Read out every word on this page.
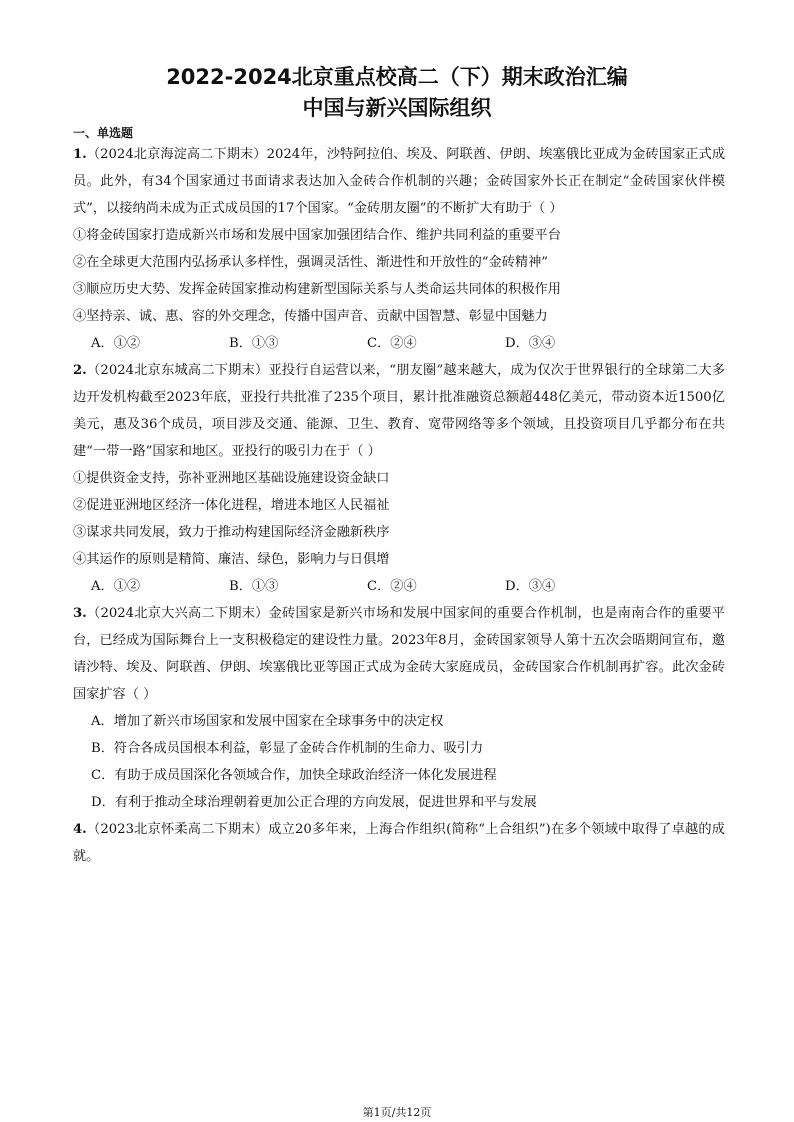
2022-2024北京重点校高二（下）期末政治汇编
中国与新兴国际组织
一、单选题
1.（2024北京海淀高二下期末）2024年，沙特阿拉伯、埃及、阿联酋、伊朗、埃塞俄比亚成为金砖国家正式成员。此外，有34个国家通过书面请求表达加入金砖合作机制的兴趣；金砖国家外长正在制定“金砖国家伙伴模式”，以接纳尚未成为正式成员国的17个国家。“金砖朋友圈”的不断扩大有助于（ ）
①将金砖国家打造成新兴市场和发展中国家加强团结合作、维护共同利益的重要平台
②在全球更大范围内弘扬承认多样性，强调灵活性、渐进性和开放性的“金砖精神”
③顺应历史大势、发挥金砖国家推动构建新型国际关系与人类命运共同体的积极作用
④坚持亲、诚、惠、容的外交理念，传播中国声音、贡献中国智慧、彰显中国魅力
A．①②	B．①③	C．②④	D．③④
2.（2024北京东城高二下期末）亚投行自运营以来，“朋友圈”越来越大，成为仅次于世界银行的全球第二大多边开发机构截至2023年底，亚投行共批准了235个项目，累计批准融资总额超448亿美元，带动资本近1500亿美元，惠及36个成员，项目涉及交通、能源、卫生、教育、宽带网络等多个领域，且投资项目几乎都分布在共建“一带一路”国家和地区。亚投行的吸引力在于（ ）
①提供资金支持，弥补亚洲地区基础设施建设资金缺口
②促进亚洲地区经济一体化进程，增进本地区人民福祉
③谋求共同发展，致力于推动构建国际经济金融新秩序
④其运作的原则是精简、廉洁、绿色，影响力与日俱增
A．①②	B．①③	C．②④	D．③④
3.（2024北京大兴高二下期末）金砖国家是新兴市场和发展中国家间的重要合作机制，也是南南合作的重要平台，已经成为国际舞台上一支积极稳定的建设性力量。2023年8月，金砖国家领导人第十五次会晤期间宣布，邀请沙特、埃及、阿联酋、伊朗、埃塞俄比亚等国正式成为金砖大家庭成员，金砖国家合作机制再扩容。此次金砖国家扩容（ ）
A．增加了新兴市场国家和发展中国家在全球事务中的决定权
B．符合各成员国根本利益，彰显了金砖合作机制的生命力、吸引力
C．有助于成员国深化各领域合作，加快全球政治经济一体化发展进程
D．有利于推动全球治理朝着更加公正合理的方向发展，促进世界和平与发展
4.（2023北京怀柔高二下期末）成立20多年来，上海合作组织(简称“上合组织”)在多个领域中取得了卓越的成就。
第1页/共12页
